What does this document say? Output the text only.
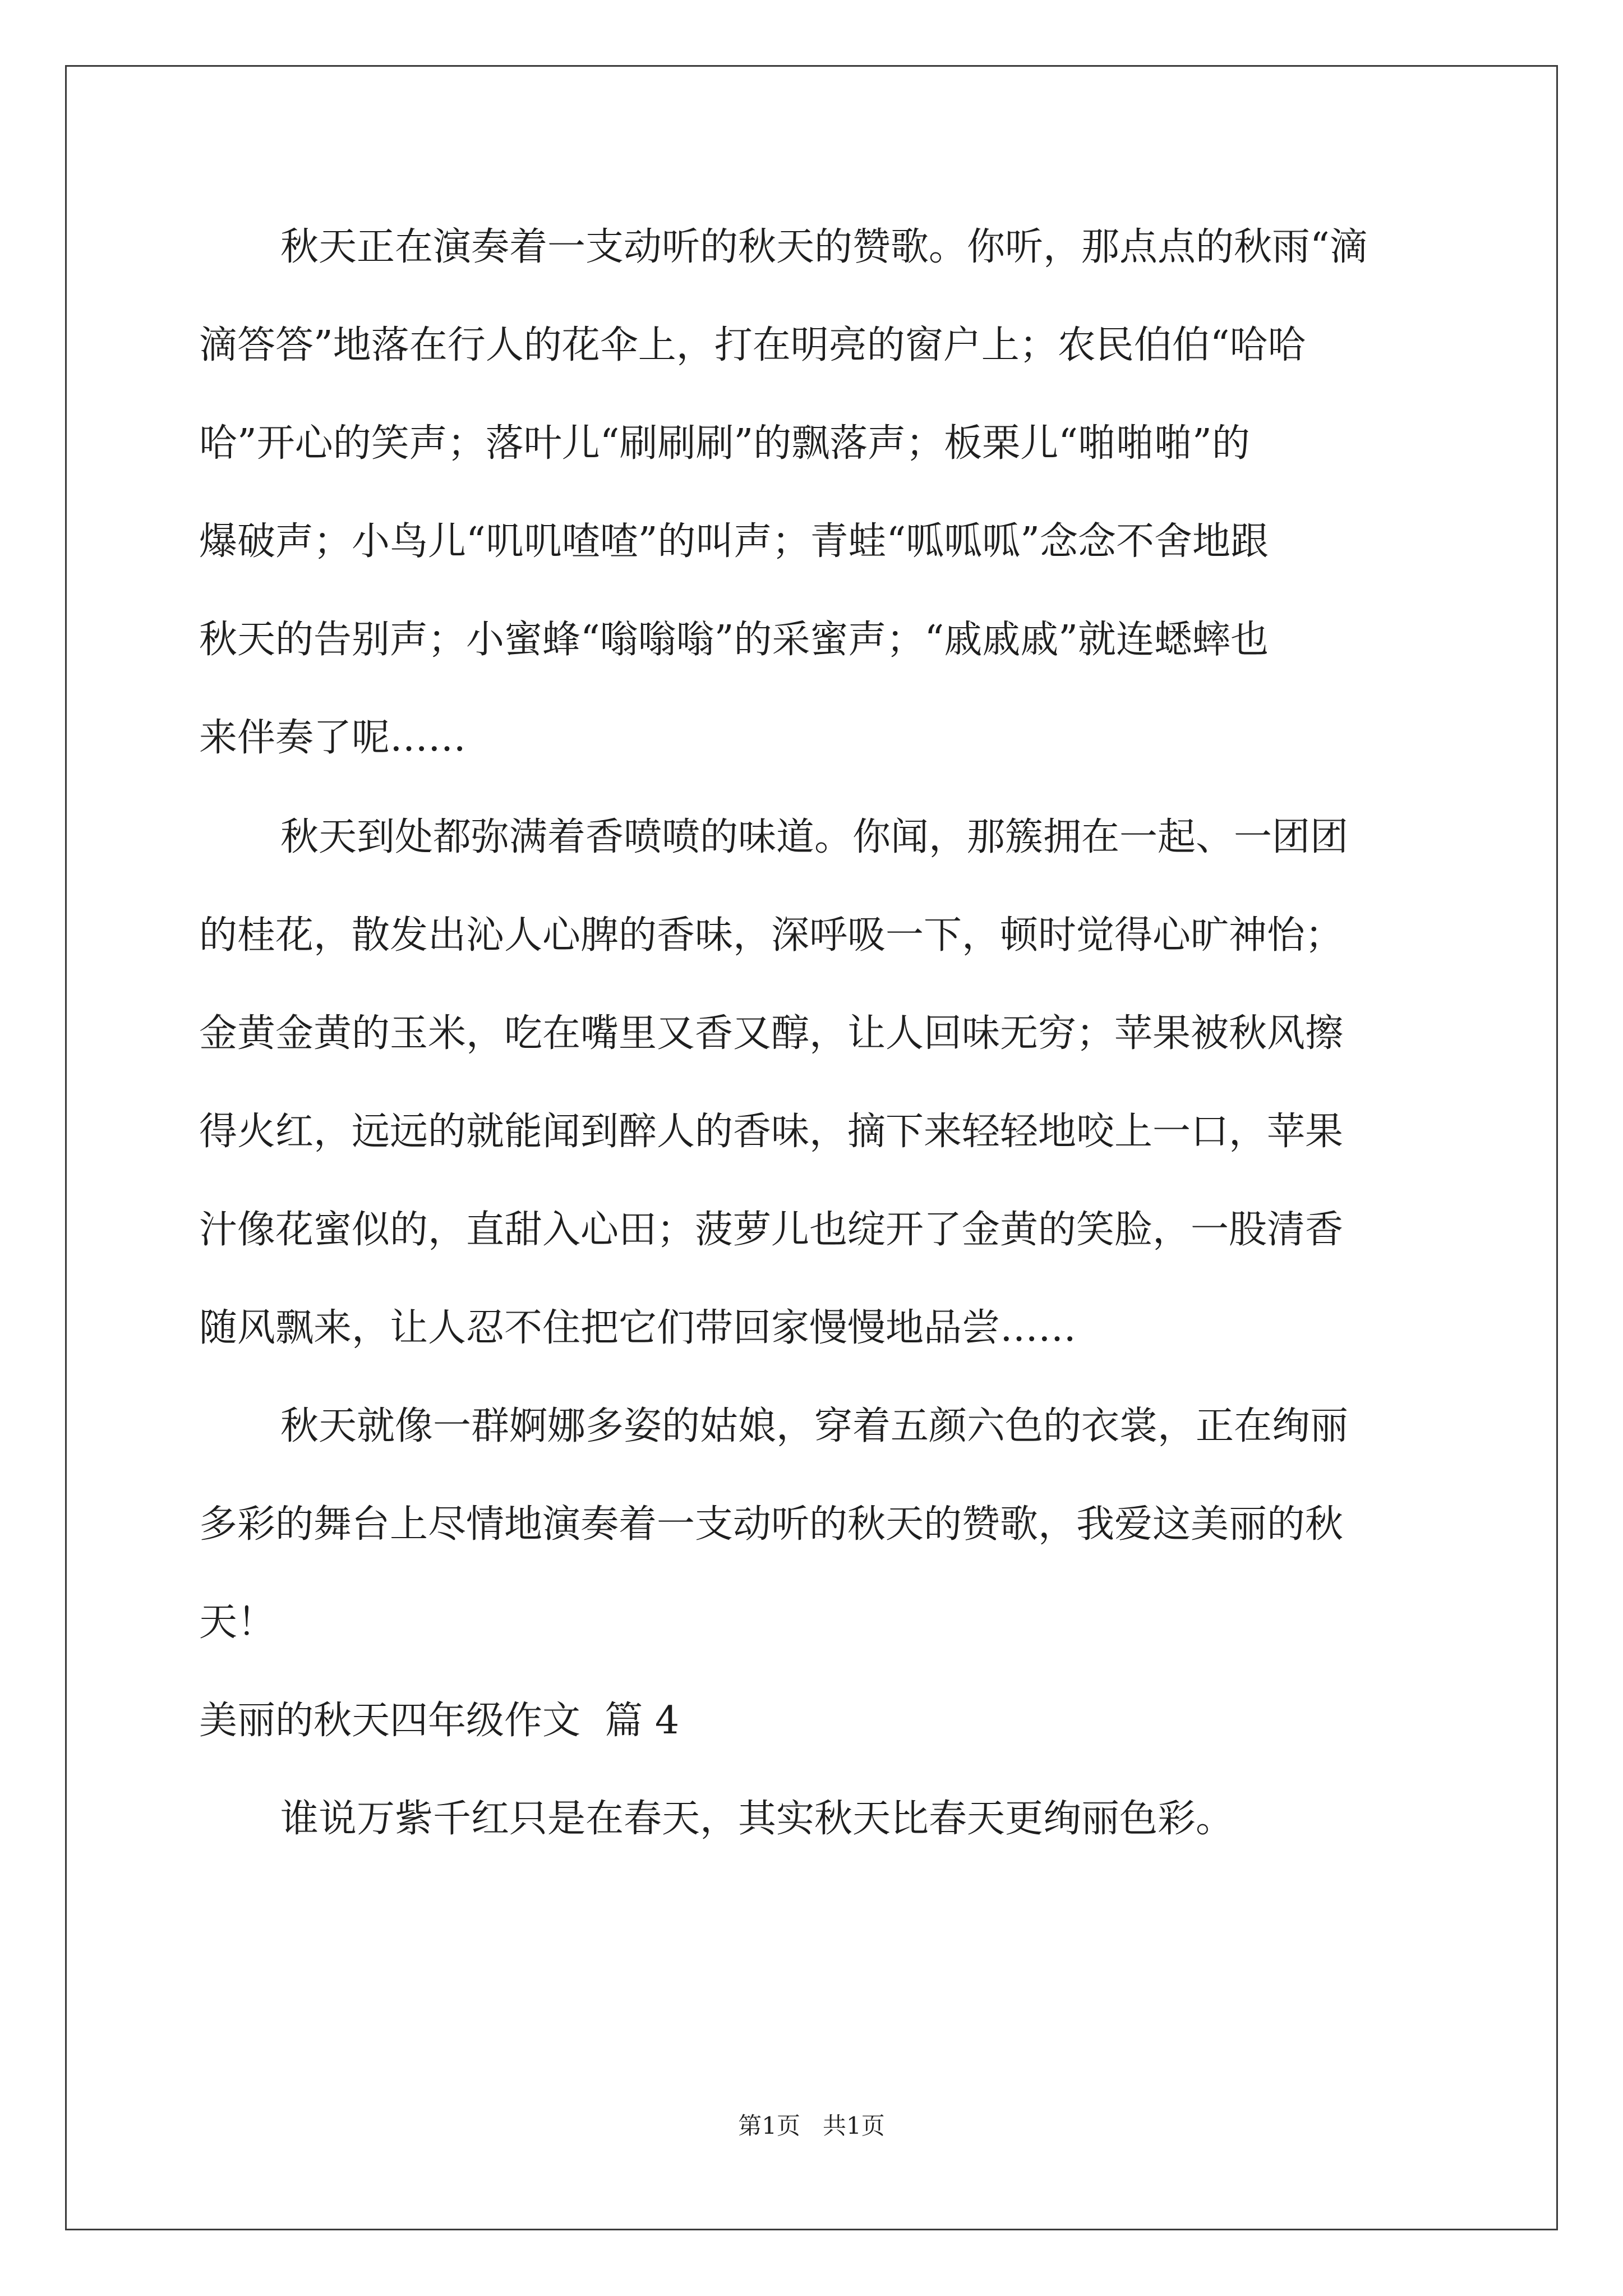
秋天正在演奏着一支动听的秋天的赞歌。你听，那点点的秋雨“滴

滴答答”地落在行人的花伞上，打在明亮的窗户上；农民伯伯“哈哈

哈”开心的笑声；落叶儿“刷刷刷”的飘落声；板栗儿“啪啪啪”的

爆破声；小鸟儿“叽叽喳喳”的叫声；青蛙“呱呱呱”念念不舍地跟

秋天的告别声；小蜜蜂“嗡嗡嗡”的采蜜声；“戚戚戚”就连蟋蟀也

来伴奏了呢……

秋天到处都弥满着香喷喷的味道。你闻，那簇拥在一起、一团团

的桂花，散发出沁人心脾的香味，深呼吸一下，顿时觉得心旷神怡；

金黄金黄的玉米，吃在嘴里又香又醇，让人回味无穷；苹果被秋风擦

得火红，远远的就能闻到醉人的香味，摘下来轻轻地咬上一口，苹果

汁像花蜜似的，直甜入心田；菠萝儿也绽开了金黄的笑脸，一股清香

随风飘来，让人忍不住把它们带回家慢慢地品尝……

秋天就像一群婀娜多姿的姑娘，穿着五颜六色的衣裳，正在绚丽

多彩的舞台上尽情地演奏着一支动听的秋天的赞歌，我爱这美丽的秋

天！

美丽的秋天四年级作文  篇 4

谁说万紫千红只是在春天，其实秋天比春天更绚丽色彩。

第1页   共1页
